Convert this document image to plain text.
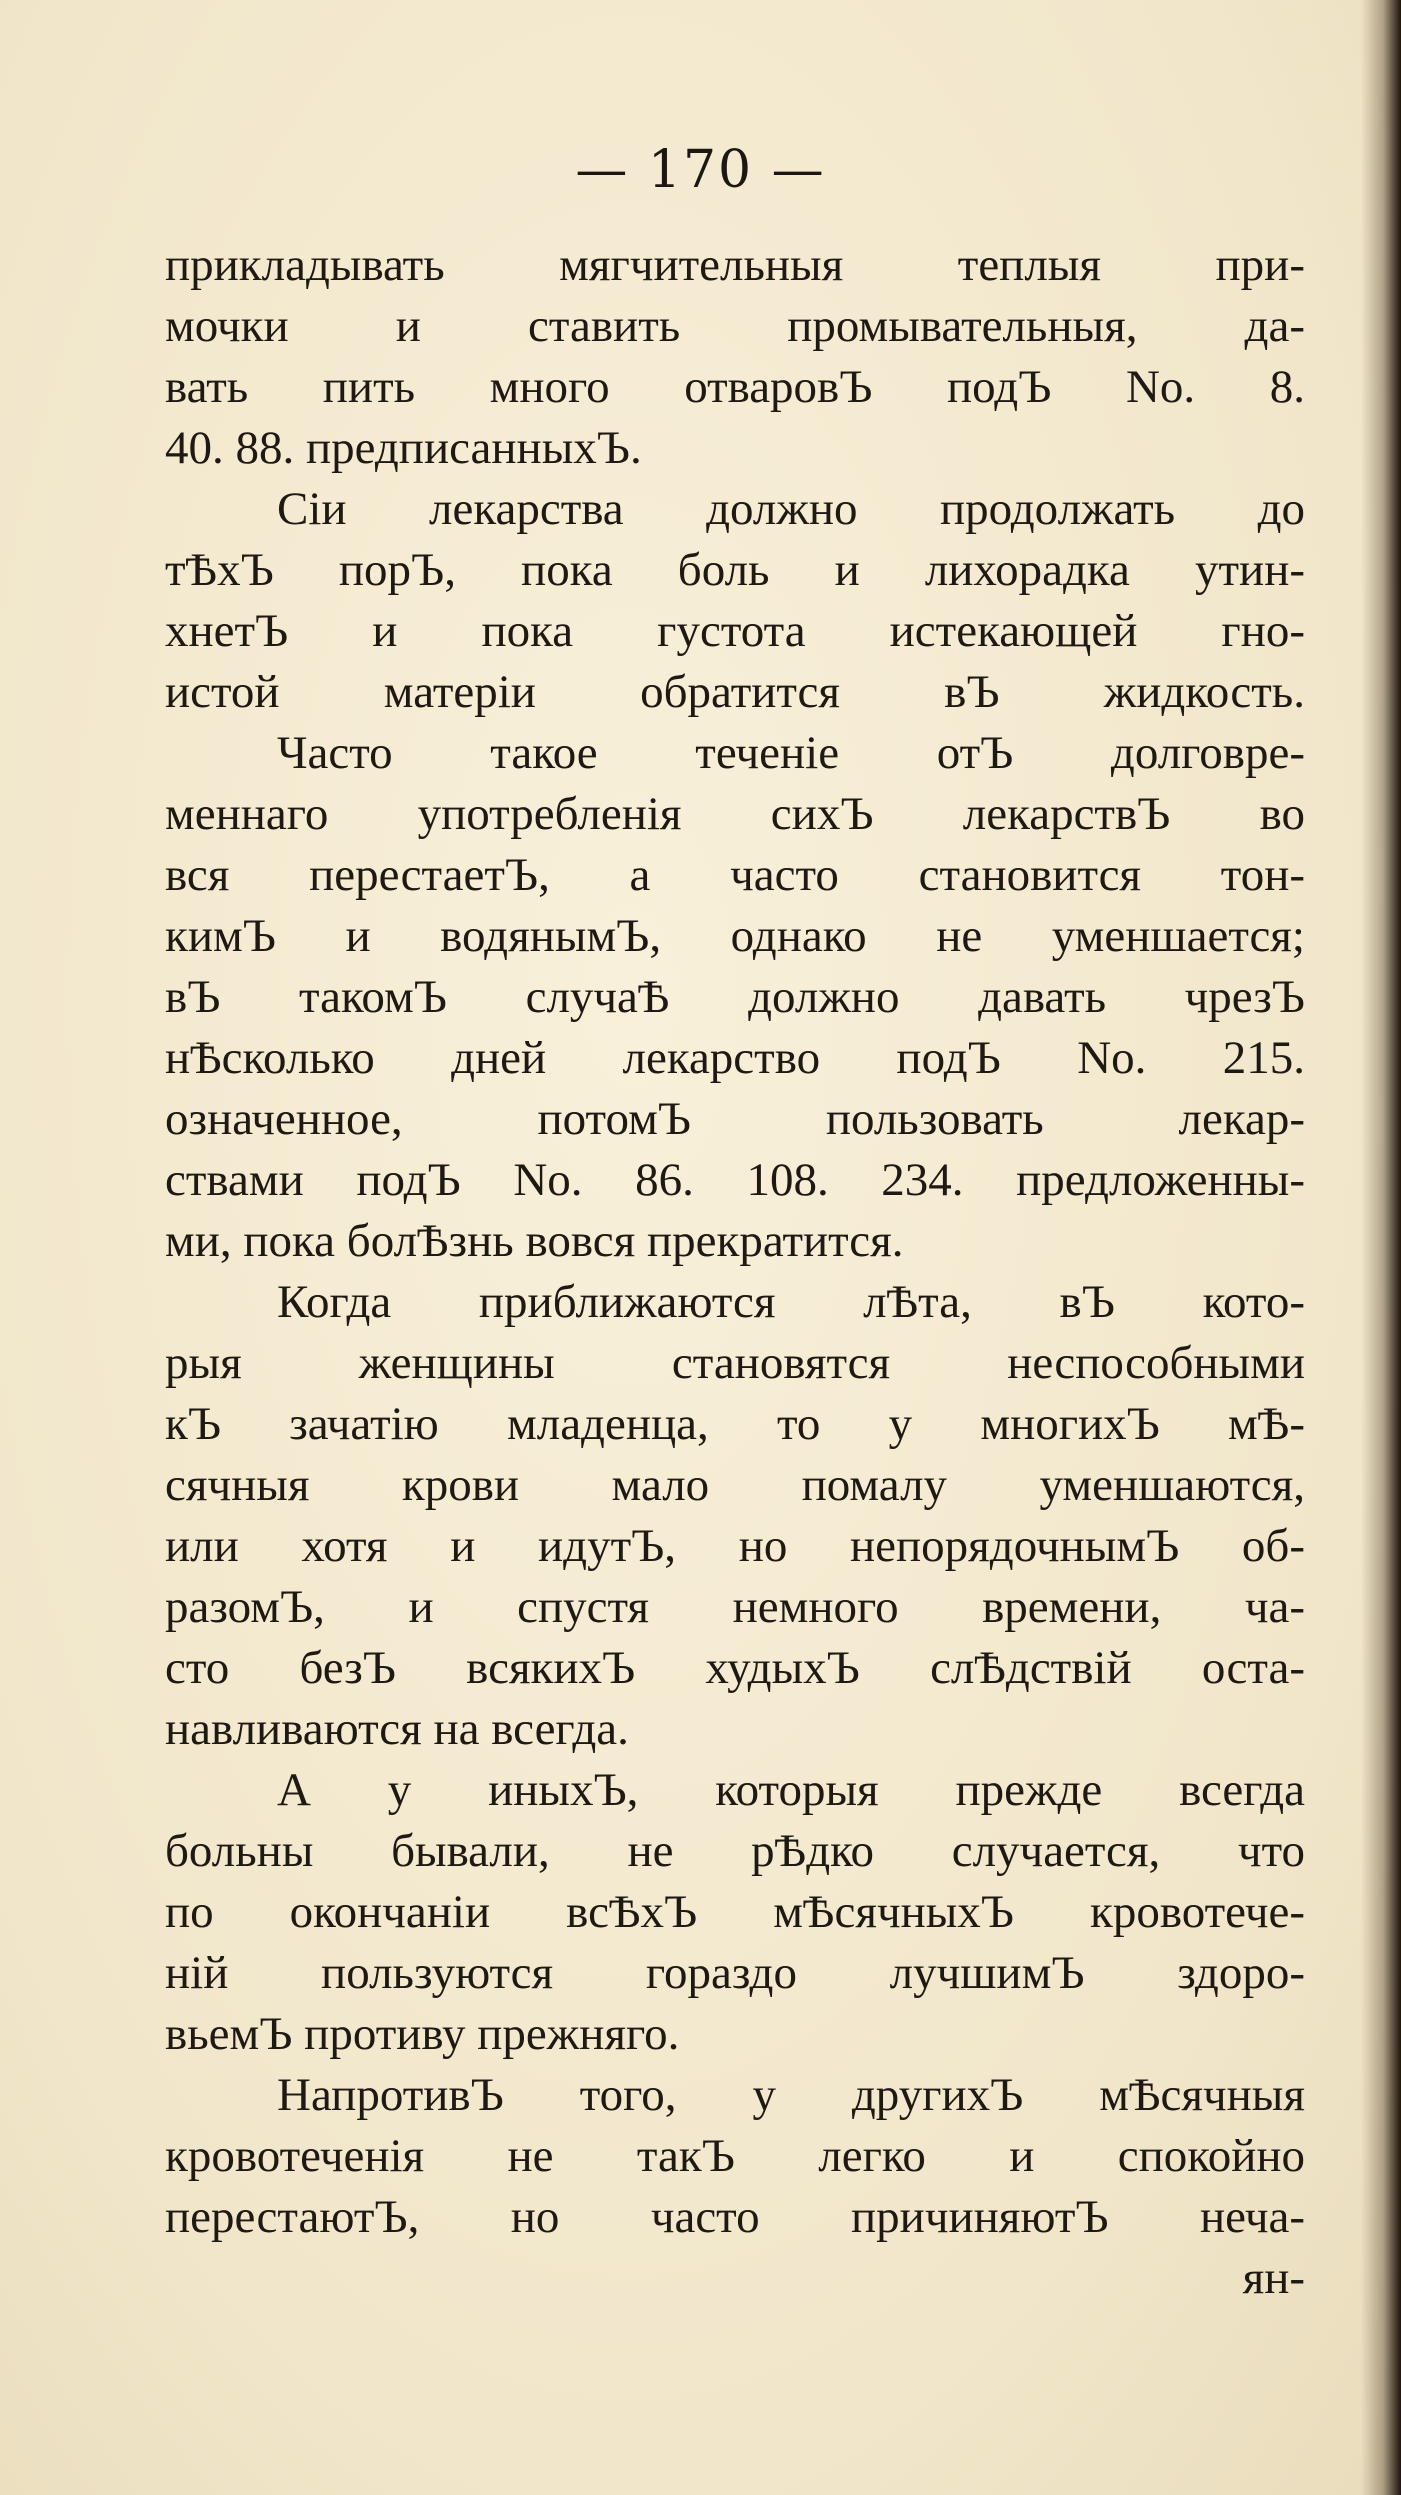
— 170 —
прикладывать мягчительныя теплыя при-
мочки и ставить промывательныя, да-
вать пить много отваровЪ подЪ No. 8.
40. 88. предписанныхЪ.
Сіи лекарства должно продолжать до
тѢхЪ порЪ, пока боль и лихорадка утин-
хнетЪ и пока густота истекающей гно-
истой матеріи обратится вЪ жидкость.
Часто такое теченіе отЪ долговре-
меннаго употребленія сихЪ лекарствЪ во
вся перестаетЪ, а часто становится тон-
кимЪ и водянымЪ, однако не уменшается;
вЪ такомЪ случаѢ должно давать чрезЪ
нѢсколько дней лекарство подЪ No. 215.
означенное, потомЪ пользовать лекар-
ствами подЪ No. 86. 108. 234. предложенны-
ми, пока болѢзнь вовся прекратится.
Когда приближаются лѢта, вЪ кото-
рыя женщины становятся неспособными
кЪ зачатію младенца, то у многихЪ мѢ-
сячныя крови мало помалу уменшаются,
или хотя и идутЪ, но непорядочнымЪ об-
разомЪ, и спустя немного времени, ча-
сто безЪ всякихЪ худыхЪ слѢдствій оста-
навливаются на всегда.
А у иныхЪ, которыя прежде всегда
больны бывали, не рѢдко случается, что
по окончаніи всѢхЪ мѢсячныхЪ кровотече-
ній пользуются гораздо лучшимЪ здоро-
вьемЪ противу прежняго.
НапротивЪ того, у другихЪ мѢсячныя
кровотеченія не такЪ легко и спокойно
перестаютЪ, но часто причиняютЪ неча-
ян-
